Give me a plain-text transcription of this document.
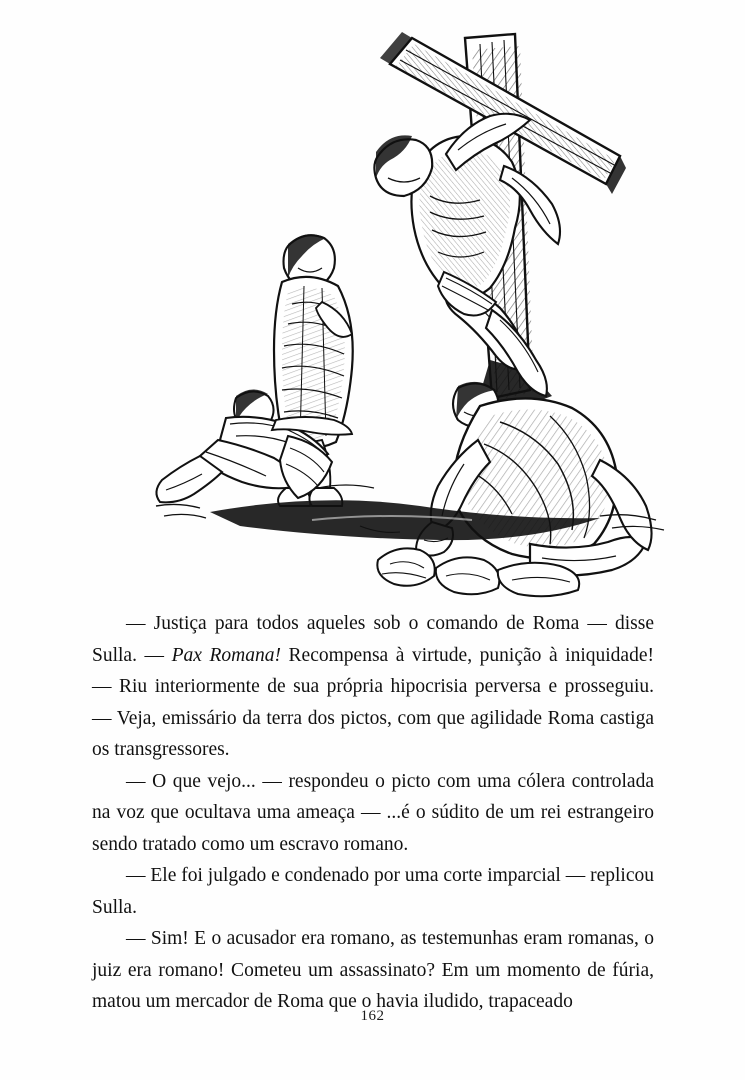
— Justiça para todos aqueles sob o comando de Roma — disse Sulla. — Pax Romana! Recompensa à virtude, punição à iniquidade! — Riu interiormente de sua própria hipocrisia perversa e prosseguiu. — Veja, emissário da terra dos pictos, com que agilidade Roma castiga os transgressores.

— O que vejo... — respondeu o picto com uma cólera controlada na voz que ocultava uma ameaça — ...é o súdito de um rei estrangeiro sendo tratado como um escravo romano.

— Ele foi julgado e condenado por uma corte imparcial — replicou Sulla.

— Sim! E o acusador era romano, as testemunhas eram romanas, o juiz era romano! Cometeu um assassinato? Em um momento de fúria, matou um mercador de Roma que o havia iludido, trapaceado

162
